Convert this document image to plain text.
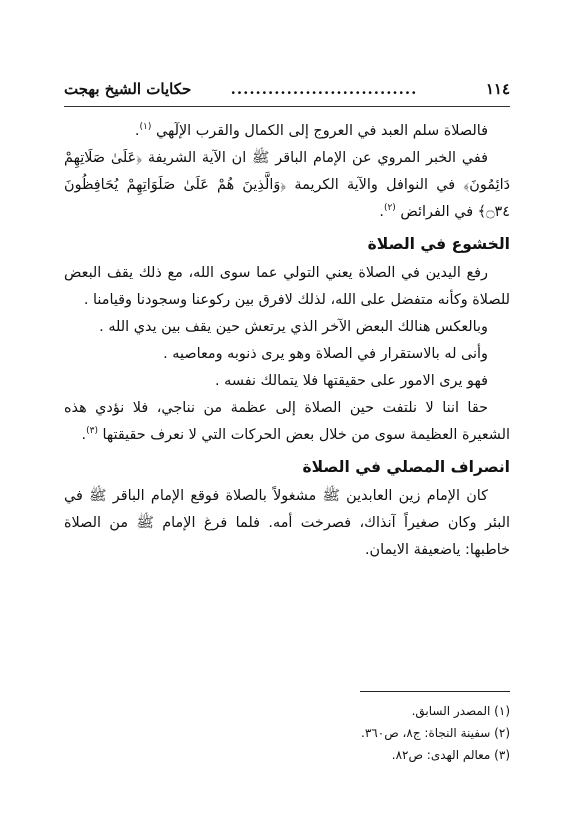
١١٤
..............................
حكايات الشيخ بهجت

فالصلاة سلم العبد في العروج إلى الكمال والقرب الإلٓهي $^{(١)}$.

ففي الخبر المروي عن الإمام الباقر ﷺ ان الآية الشريفة ﴿عَلَىٰ صَلَاتِهِمْ دَائِمُونَ﴾ في النوافل والآية الكريمة ﴿وَالَّذِينَ هُمْ عَلَىٰ صَلَوَاتِهِمْ يُحَافِظُونَ ۝٣٤﴾ في الفرائض $^{(٢)}$.

الخشوع في الصلاة

رفع اليدين في الصلاة يعني التولي عما سوى الله، مع ذلك يقف البعض للصلاة وكأنه متفضل على الله، لذلك لافرق بين ركوعنا وسجودنا وقيامنا .

وبالعكس هنالك البعض الآخر الذي يرتعش حين يقف بين يدي الله .

وأنى له بالاستقرار في الصلاة وهو يرى ذنوبه ومعاصيه .

فهو يرى الامور على حقيقتها فلا يتمالك نفسه .

حقا اننا لا نلتفت حين الصلاة إلى عظمة من نناجي، فلا نؤدي هذه الشعيرة العظيمة سوى من خلال بعض الحركات التي لا نعرف حقيقتها $^{(٣)}$.

انصراف المصلي في الصلاة

كان الإمام زين العابدين ﷺ مشغولاً بالصلاة فوقع الإمام الباقر ﷺ في البئر وكان صغيراً آنذاك، فصرخت أمه. فلما فرغ الإمام ﷺ من الصلاة خاطبها: ياضعيفة الايمان.

(١) المصدر السابق.
(٢) سفينة النجاة: ج٨، ص٣٦٠.
(٣) معالم الهدى: ص٨٢.
